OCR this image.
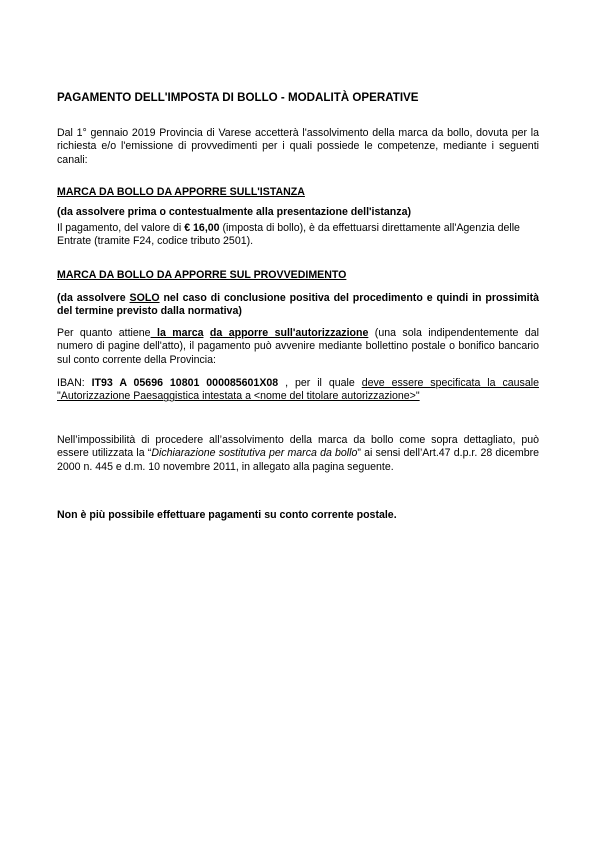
PAGAMENTO DELL'IMPOSTA DI BOLLO - MODALITÀ OPERATIVE
Dal 1° gennaio 2019 Provincia di Varese accetterà l'assolvimento della marca da bollo, dovuta per la richiesta e/o l'emissione di provvedimenti per i quali possiede le competenze, mediante i seguenti canali:
MARCA DA BOLLO DA APPORRE SULL'ISTANZA
(da assolvere prima o contestualmente alla presentazione dell'istanza)
Il pagamento, del valore di € 16,00 (imposta di bollo), è da effettuarsi direttamente all'Agenzia delle Entrate (tramite F24, codice tributo 2501).
MARCA DA BOLLO DA APPORRE SUL PROVVEDIMENTO
(da assolvere SOLO nel caso di conclusione positiva del procedimento e quindi in prossimità del termine previsto dalla normativa)
Per quanto attiene la marca da apporre sull'autorizzazione (una sola indipendentemente dal numero di pagine dell'atto), il pagamento può avvenire mediante bollettino postale o bonifico bancario sul conto corrente della Provincia:
IBAN: IT93 A 05696 10801 000085601X08 , per il quale deve essere specificata la causale "Autorizzazione Paesaggistica intestata a <nome del titolare autorizzazione>"
Nell’impossibilità di procedere all’assolvimento della marca da bollo come sopra dettagliato, può essere utilizzata la “Dichiarazione sostitutiva per marca da bollo” ai sensi dell’Art.47 d.p.r. 28 dicembre 2000 n. 445 e d.m. 10 novembre 2011, in allegato alla pagina seguente.
Non è più possibile effettuare pagamenti su conto corrente postale.
